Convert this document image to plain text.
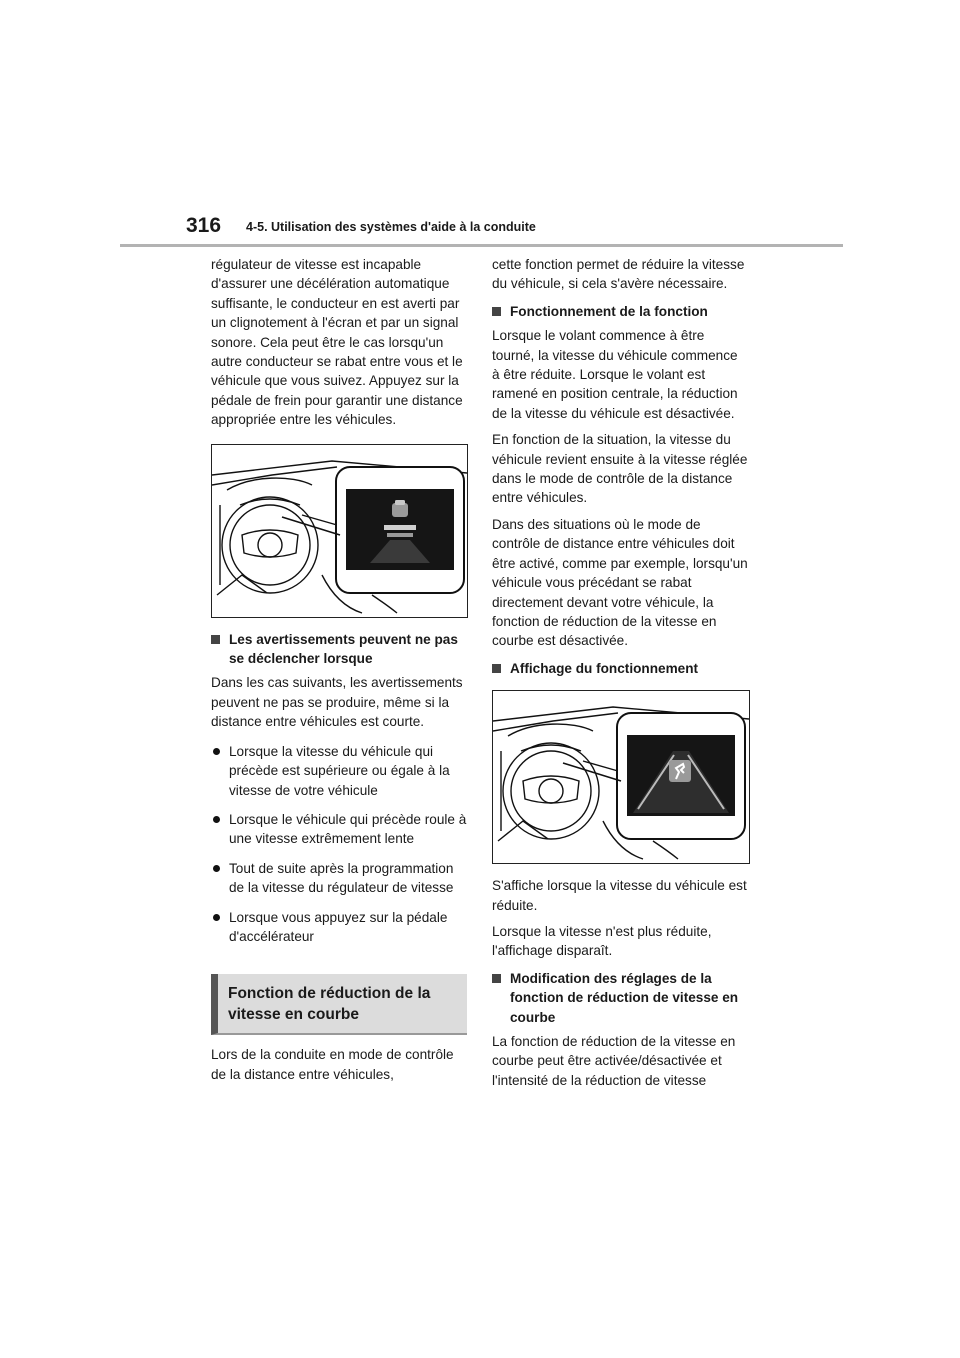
316 4-5. Utilisation des systèmes d'aide à la conduite

régulateur de vitesse est incapable d'assurer une décélération automatique suffisante, le conducteur en est averti par un clignotement à l'écran et par un signal sonore. Cela peut être le cas lorsqu'un autre conducteur se rabat entre vous et le véhicule que vous suivez. Appuyez sur la pédale de frein pour garantir une distance appropriée entre les véhicules.

Les avertissements peuvent ne pas se déclencher lorsque

Dans les cas suivants, les avertissements peuvent ne pas se produire, même si la distance entre véhicules est courte.

Lorsque la vitesse du véhicule qui précède est supérieure ou égale à la vitesse de votre véhicule
Lorsque le véhicule qui précède roule à une vitesse extrêmement lente
Tout de suite après la programmation de la vitesse du régulateur de vitesse
Lorsque vous appuyez sur la pédale d'accélérateur
Fonction de réduction de la vitesse en courbe

Lors de la conduite en mode de contrôle de la distance entre véhicules,

cette fonction permet de réduire la vitesse du véhicule, si cela s'avère nécessaire.

Fonctionnement de la fonction

Lorsque le volant commence à être tourné, la vitesse du véhicule commence à être réduite. Lorsque le volant est ramené en position centrale, la réduction de la vitesse du véhicule est désactivée.

En fonction de la situation, la vitesse du véhicule revient ensuite à la vitesse réglée dans le mode de contrôle de la distance entre véhicules.

Dans des situations où le mode de contrôle de distance entre véhicules doit être activé, comme par exemple, lorsqu'un véhicule vous précédant se rabat directement devant votre véhicule, la fonction de réduction de la vitesse en courbe est désactivée.

Affichage du fonctionnement

S'affiche lorsque la vitesse du véhicule est réduite.

Lorsque la vitesse n'est plus réduite, l'affichage disparaît.

Modification des réglages de la fonction de réduction de vitesse en courbe

La fonction de réduction de la vitesse en courbe peut être activée/désactivée et l'intensité de la réduction de vitesse
